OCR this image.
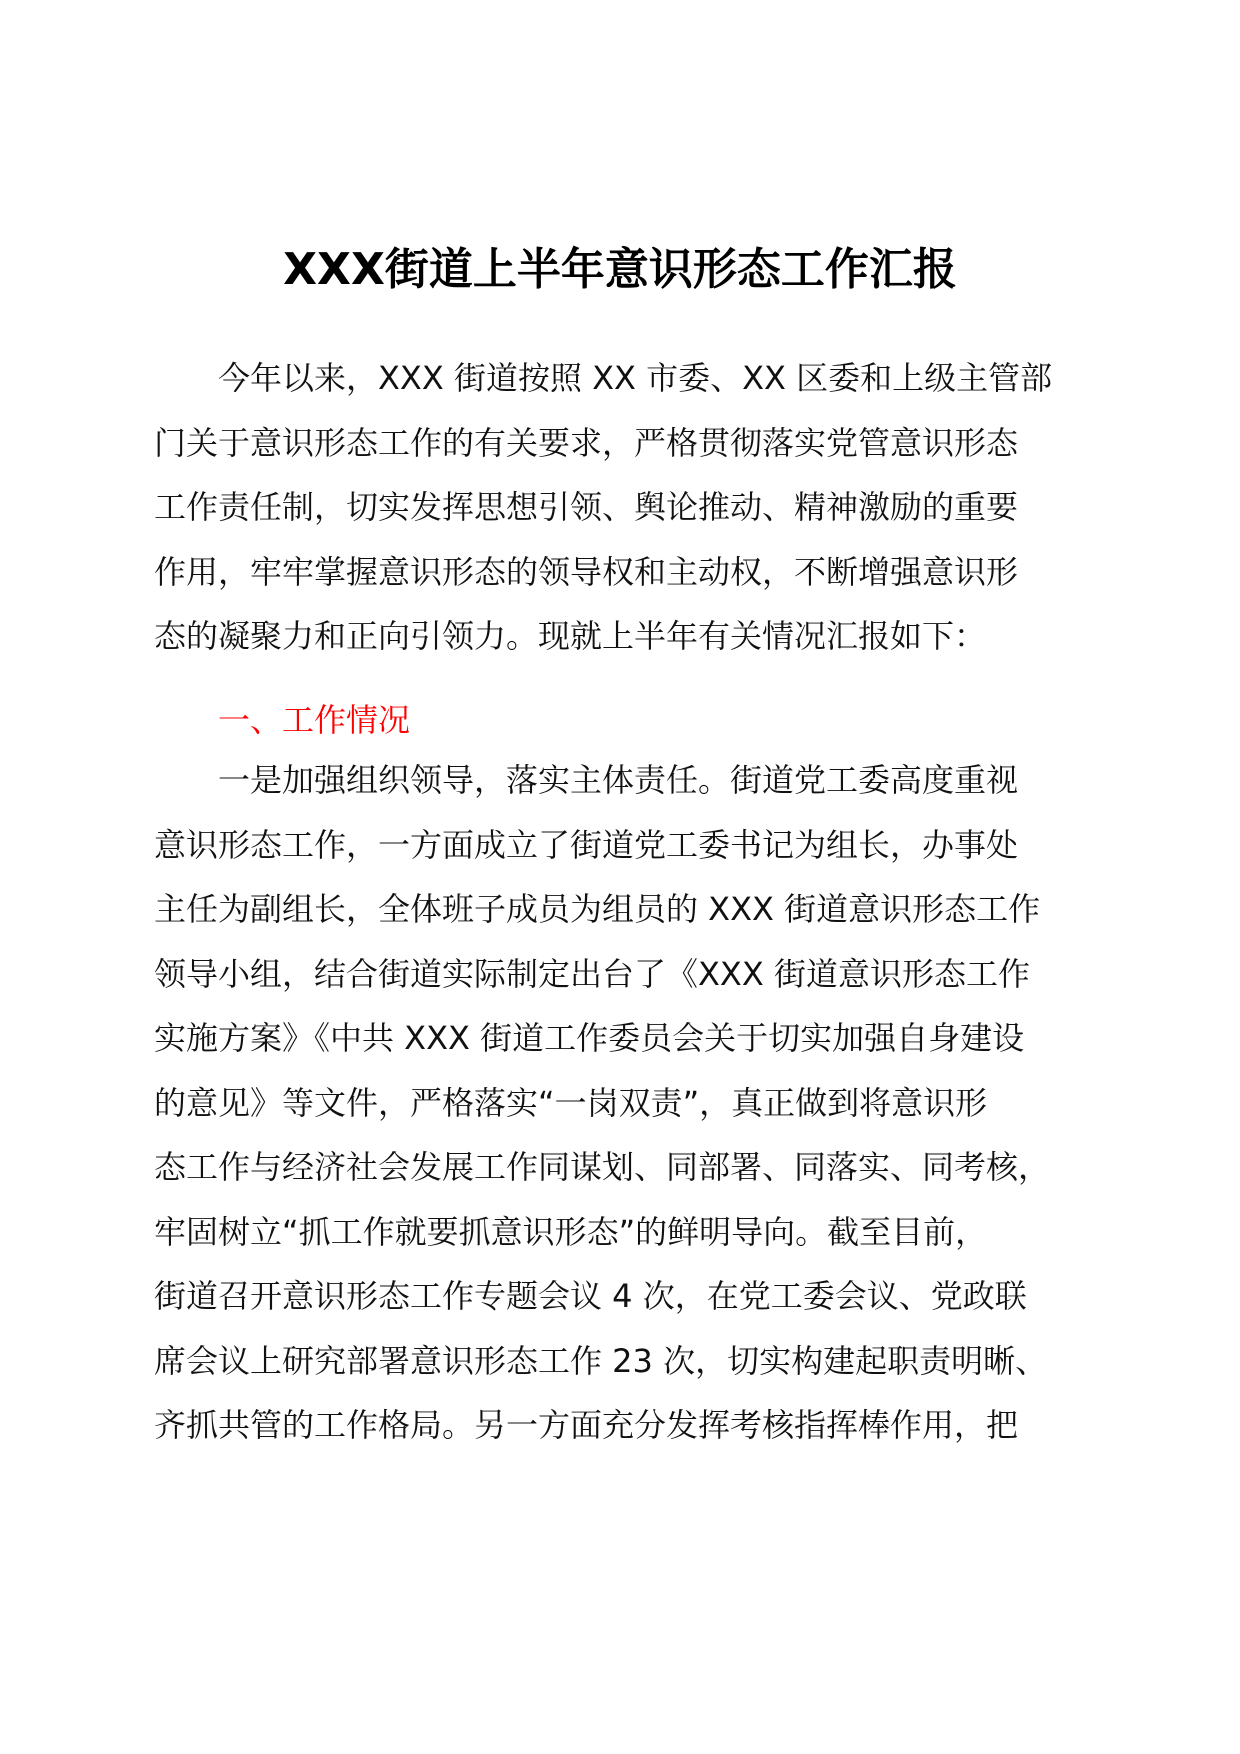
XXX街道上半年意识形态工作汇报
今年以来，XXX 街道按照 XX 市委、XX 区委和上级主管部
门关于意识形态工作的有关要求，严格贯彻落实党管意识形态
工作责任制，切实发挥思想引领、舆论推动、精神激励的重要
作用，牢牢掌握意识形态的领导权和主动权，不断增强意识形
态的凝聚力和正向引领力。现就上半年有关情况汇报如下：
一、工作情况
一是加强组织领导，落实主体责任。街道党工委高度重视
意识形态工作，一方面成立了街道党工委书记为组长，办事处
主任为副组长，全体班子成员为组员的 XXX 街道意识形态工作
领导小组，结合街道实际制定出台了《XXX 街道意识形态工作
实施方案》《中共 XXX 街道工作委员会关于切实加强自身建设
的意见》等文件，严格落实“一岗双责”，真正做到将意识形
态工作与经济社会发展工作同谋划、同部署、同落实、同考核，
牢固树立“抓工作就要抓意识形态”的鲜明导向。截至目前，
街道召开意识形态工作专题会议 4 次，在党工委会议、党政联
席会议上研究部署意识形态工作 23 次，切实构建起职责明晰、
齐抓共管的工作格局。另一方面充分发挥考核指挥棒作用，把
